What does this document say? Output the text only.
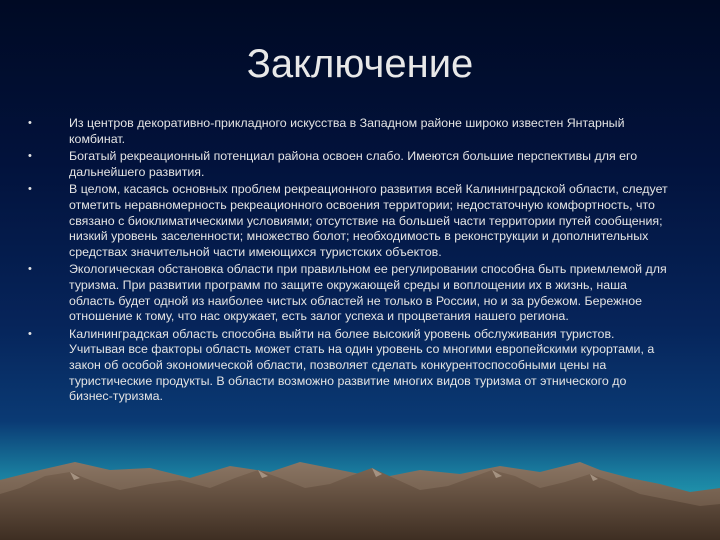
Заключение
•	Из центров декоративно-прикладного искусства в Западном районе широко известен Янтарный комбинат.
•	Богатый рекреационный потенциал района освоен слабо. Имеются большие перспективы для его дальнейшего развития.
•	В целом, касаясь основных проблем рекреационного развития всей Калининградской области, следует отметить неравномерность рекреационного освоения территории; недостаточную комфортность, что связано с биоклиматическими условиями; отсутствие на большей части территории путей сообщения; низкий уровень заселенности; множество болот; необходимость в реконструкции и дополнительных средствах значительной части имеющихся туристских объектов.
•	Экологическая обстановка области при правильном ее регулировании способна быть приемлемой для туризма. При развитии программ по защите окружающей среды и воплощении их в жизнь, наша область будет одной из наиболее чистых областей не только в России, но и за рубежом. Бережное отношение к тому, что нас окружает, есть залог успеха и процветания нашего региона.
•	Калининградская область способна выйти на более высокий уровень обслуживания туристов. Учитывая все факторы область может стать на один уровень со многими европейскими курортами, а закон об особой экономической области, позволяет сделать конкурентоспособными цены на туристические продукты. В области возможно развитие многих видов туризма от этнического до бизнес-туризма.
